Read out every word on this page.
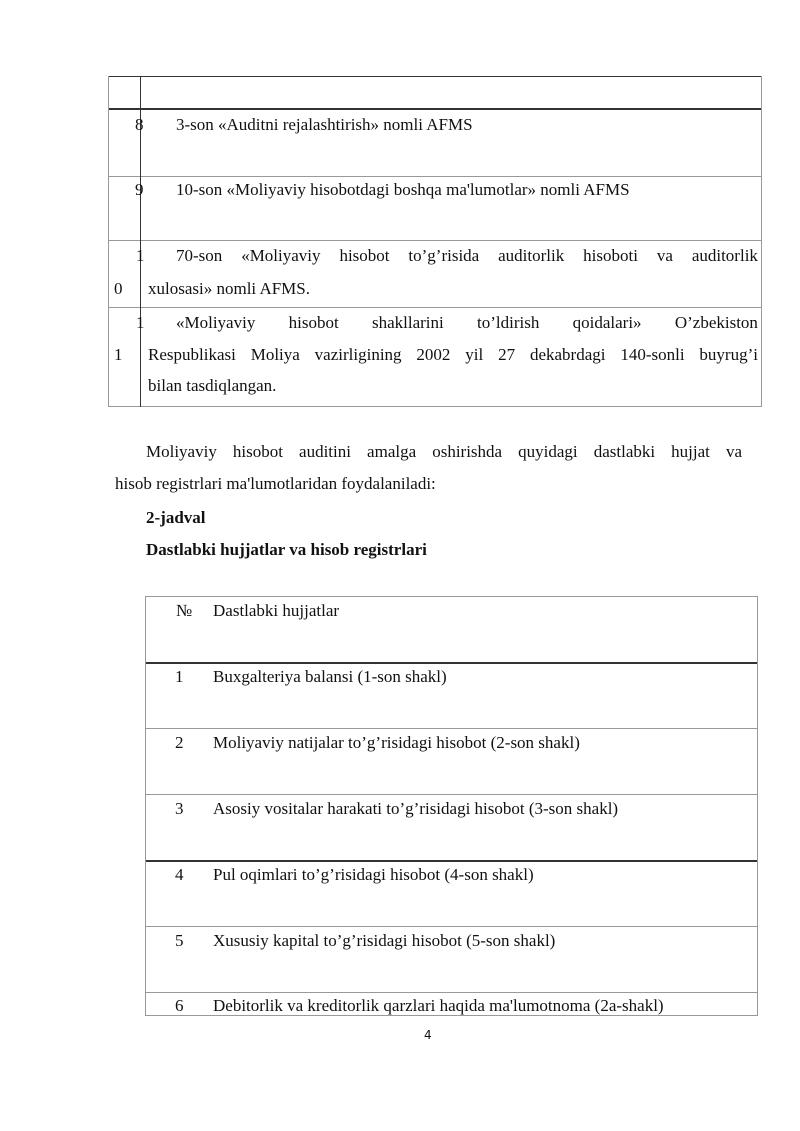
8 3-son «Auditni rejalashtirish» nomli AFMS
9 10-son «Moliyaviy hisobotdagi boshqa ma'lumotlar» nomli AFMS
1
0
70-son «Moliyaviy hisobot to’g’risida auditorlik hisoboti va auditorlik
xulosasi» nomli AFMS.
1
1
«Moliyaviy hisobot shakllarini to’ldirish qoidalari» O’zbekiston
Respublikasi Moliya vazirligining 2002 yil 27 dekabrdagi 140-sonli buyrug’i
bilan tasdiqlangan.
Moliyaviy hisobot auditini amalga oshirishda quyidagi dastlabki hujjat va
hisob registrlari ma'lumotlaridan foydalaniladi:
2-jadval
Dastlabki hujjatlar va hisob registrlari
№ Dastlabki hujjatlar
1 Buxgalteriya balansi (1-son shakl)
2 Moliyaviy natijalar to’g’risidagi hisobot (2-son shakl)
3 Asosiy vositalar harakati to’g’risidagi hisobot (3-son shakl)
4 Pul oqimlari to’g’risidagi hisobot (4-son shakl)
5 Xususiy kapital to’g’risidagi hisobot (5-son shakl)
6 Debitorlik va kreditorlik qarzlari haqida ma'lumotnoma (2a-shakl)
4
